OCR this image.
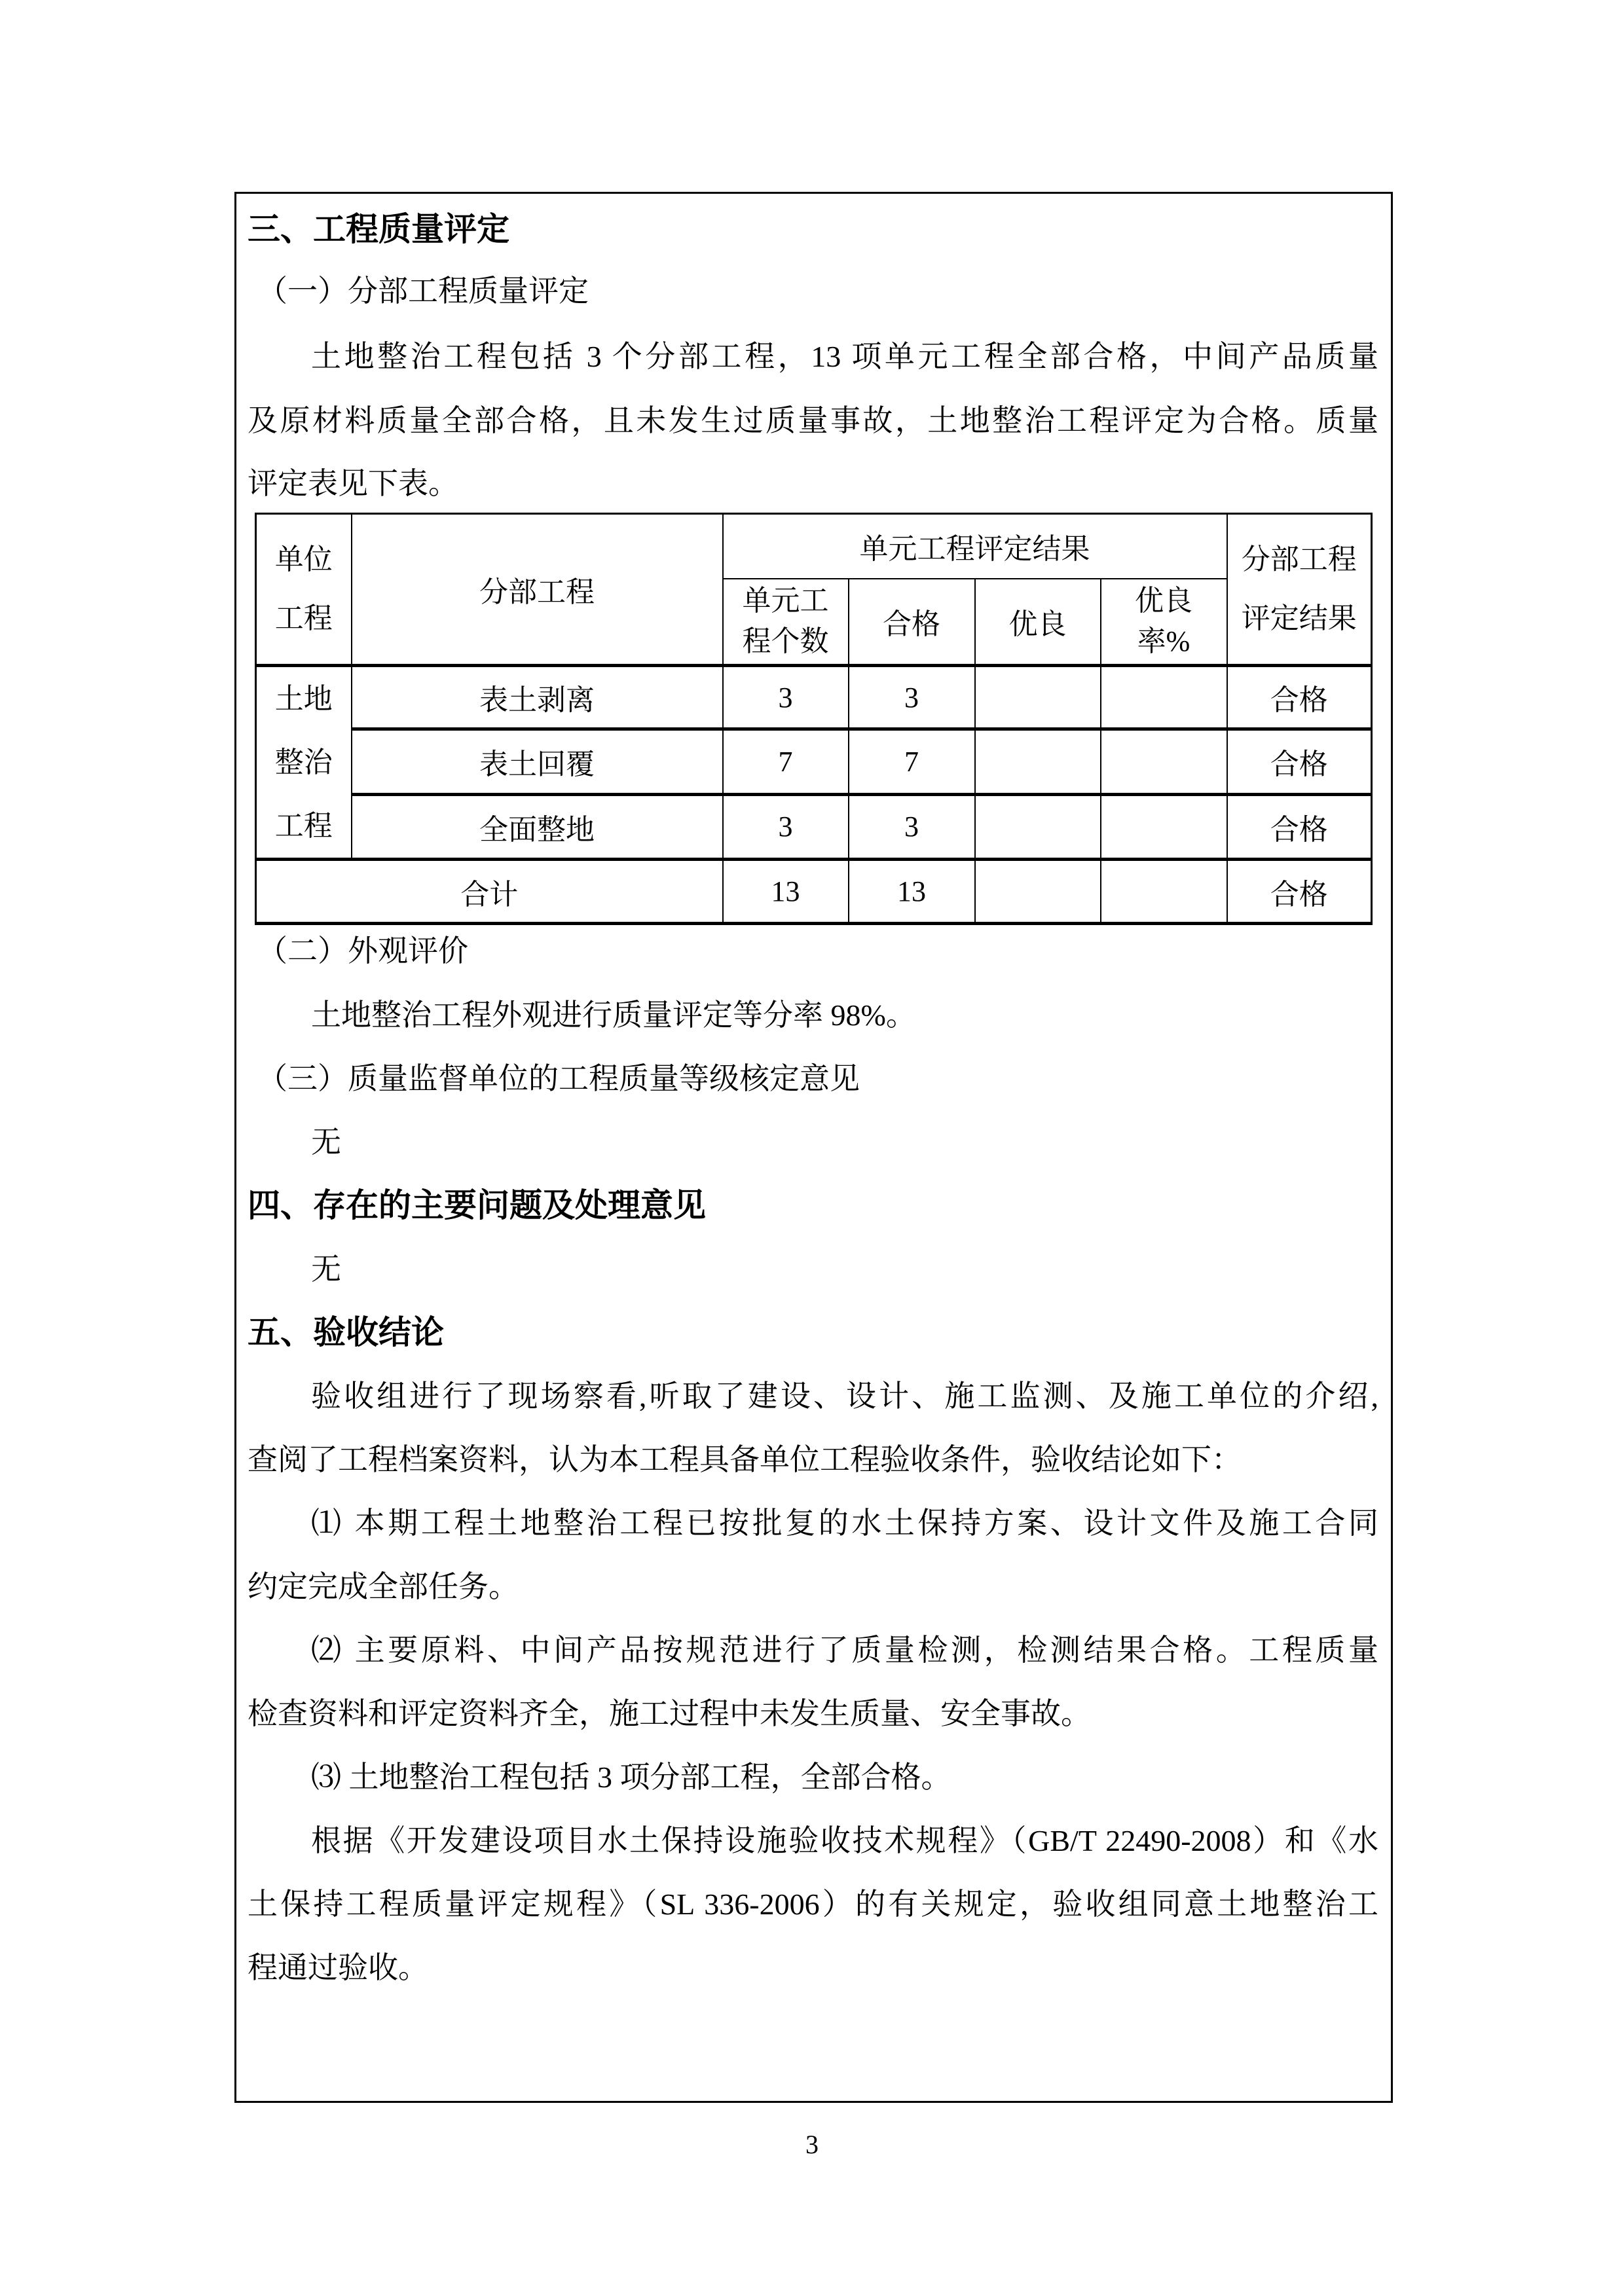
三、工程质量评定
（一）分部工程质量评定
土地整治工程包括 3 个分部工程，13 项单元工程全部合格，中间产品质量
及原材料质量全部合格，且未发生过质量事故，土地整治工程评定为合格。质量
评定表见下表。
单位
工程	分部工程	单元工程评定结果				分部工程
评定结果

		单元工
程个数	合格	优良	优良
率%	

土地
整治
工程	表土剥离	3	3			合格
	表土回覆	7	7			合格
	全面整地	3	3			合格
合计		13	13			合格
（二）外观评价
土地整治工程外观进行质量评定等分率 98%。
（三）质量监督单位的工程质量等级核定意见
无
四、存在的主要问题及处理意见
无
五、验收结论
验收组进行了现场察看,听取了建设、设计、施工监测、及施工单位的介绍,
查阅了工程档案资料，认为本工程具备单位工程验收条件，验收结论如下：
⑴ 本期工程土地整治工程已按批复的水土保持方案、设计文件及施工合同
约定完成全部任务。
⑵ 主要原料、中间产品按规范进行了质量检测，检测结果合格。工程质量
检查资料和评定资料齐全，施工过程中未发生质量、安全事故。
⑶ 土地整治工程包括 3 项分部工程，全部合格。
根据《开发建设项目水土保持设施验收技术规程》（GB/T 22490-2008）和《水
土保持工程质量评定规程》（SL 336-2006）的有关规定，验收组同意土地整治工
程通过验收。
3
